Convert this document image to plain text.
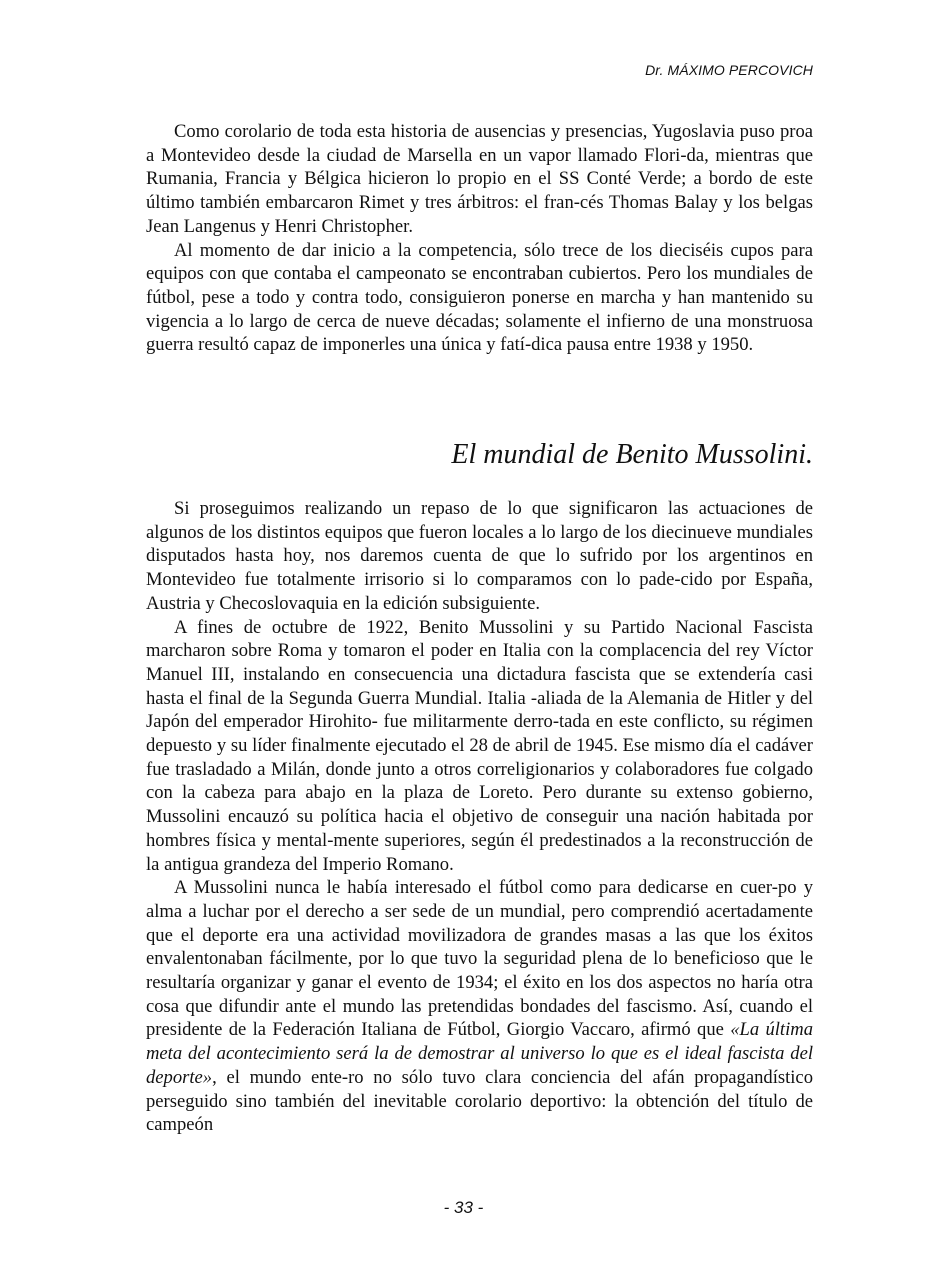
Dr. MÁXIMO PERCOVICH

Como corolario de toda esta historia de ausencias y presencias, Yugoslavia puso proa a Montevideo desde la ciudad de Marsella en un vapor llamado Flori-da, mientras que Rumania, Francia y Bélgica hicieron lo propio en el SS Conté Verde; a bordo de este último también embarcaron Rimet y tres árbitros: el fran-cés Thomas Balay y los belgas Jean Langenus y Henri Christopher.

Al momento de dar inicio a la competencia, sólo trece de los dieciséis cupos para equipos con que contaba el campeonato se encontraban cubiertos. Pero los mundiales de fútbol, pese a todo y contra todo, consiguieron ponerse en marcha y han mantenido su vigencia a lo largo de cerca de nueve décadas; solamente el infierno de una monstruosa guerra resultó capaz de imponerles una única y fatí-dica pausa entre 1938 y 1950.

El mundial de Benito Mussolini.

Si proseguimos realizando un repaso de lo que significaron las actuaciones de algunos de los distintos equipos que fueron locales a lo largo de los diecinueve mundiales disputados hasta hoy, nos daremos cuenta de que lo sufrido por los argentinos en Montevideo fue totalmente irrisorio si lo comparamos con lo pade-cido por España, Austria y Checoslovaquia en la edición subsiguiente.

A fines de octubre de 1922, Benito Mussolini y su Partido Nacional Fascista marcharon sobre Roma y tomaron el poder en Italia con la complacencia del rey Víctor Manuel III, instalando en consecuencia una dictadura fascista que se extendería casi hasta el final de la Segunda Guerra Mundial. Italia -aliada de la Alemania de Hitler y del Japón del emperador Hirohito- fue militarmente derro-tada en este conflicto, su régimen depuesto y su líder finalmente ejecutado el 28 de abril de 1945. Ese mismo día el cadáver fue trasladado a Milán, donde junto a otros correligionarios y colaboradores fue colgado con la cabeza para abajo en la plaza de Loreto. Pero durante su extenso gobierno, Mussolini encauzó su política hacia el objetivo de conseguir una nación habitada por hombres física y mental-mente superiores, según él predestinados a la reconstrucción de la antigua grandeza del Imperio Romano.

A Mussolini nunca le había interesado el fútbol como para dedicarse en cuer-po y alma a luchar por el derecho a ser sede de un mundial, pero comprendió acertadamente que el deporte era una actividad movilizadora de grandes masas a las que los éxitos envalentonaban fácilmente, por lo que tuvo la seguridad plena de lo beneficioso que le resultaría organizar y ganar el evento de 1934; el éxito en los dos aspectos no haría otra cosa que difundir ante el mundo las pretendidas bondades del fascismo. Así, cuando el presidente de la Federación Italiana de Fútbol, Giorgio Vaccaro, afirmó que «La última meta del acontecimiento será la de demostrar al universo lo que es el ideal fascista del deporte», el mundo ente-ro no sólo tuvo clara conciencia del afán propagandístico perseguido sino también del inevitable corolario deportivo: la obtención del título de campeón

- 33 -
